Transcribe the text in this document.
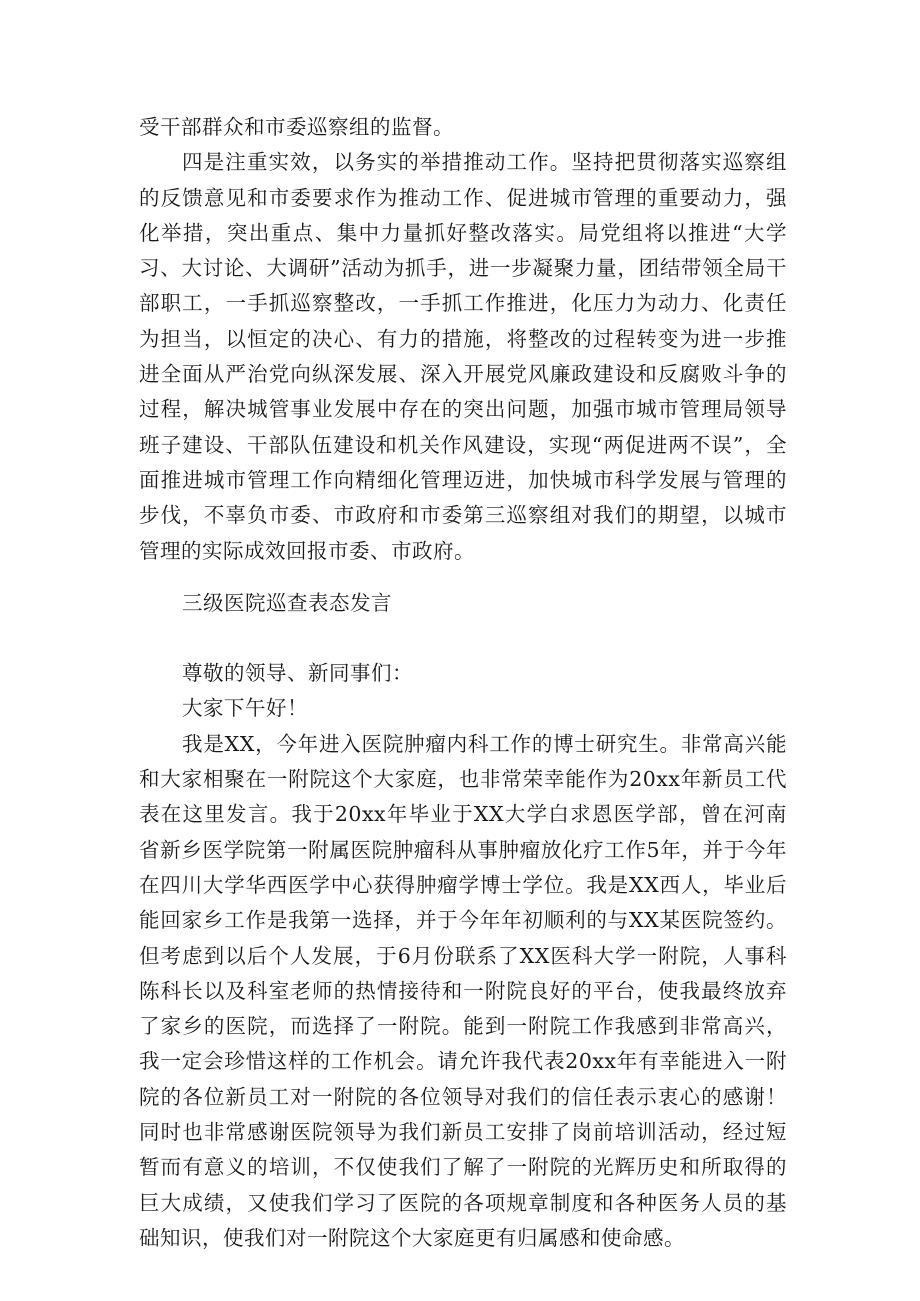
受干部群众和市委巡察组的监督。

四是注重实效，以务实的举措推动工作。坚持把贯彻落实巡察组的反馈意见和市委要求作为推动工作、促进城市管理的重要动力，强化举措，突出重点、集中力量抓好整改落实。局党组将以推进“大学习、大讨论、大调研”活动为抓手，进一步凝聚力量，团结带领全局干部职工，一手抓巡察整改，一手抓工作推进，化压力为动力、化责任为担当，以恒定的决心、有力的措施，将整改的过程转变为进一步推进全面从严治党向纵深发展、深入开展党风廉政建设和反腐败斗争的过程，解决城管事业发展中存在的突出问题，加强市城市管理局领导班子建设、干部队伍建设和机关作风建设，实现“两促进两不误”，全面推进城市管理工作向精细化管理迈进，加快城市科学发展与管理的步伐，不辜负市委、市政府和市委第三巡察组对我们的期望，以城市管理的实际成效回报市委、市政府。

三级医院巡查表态发言

尊敬的领导、新同事们：

大家下午好！

我是XX，今年进入医院肿瘤内科工作的博士研究生。非常高兴能和大家相聚在一附院这个大家庭，也非常荣幸能作为20xx年新员工代表在这里发言。我于20xx年毕业于XX大学白求恩医学部，曾在河南省新乡医学院第一附属医院肿瘤科从事肿瘤放化疗工作5年，并于今年在四川大学华西医学中心获得肿瘤学博士学位。我是XX西人，毕业后能回家乡工作是我第一选择，并于今年年初顺利的与XX某医院签约。但考虑到以后个人发展，于6月份联系了XX医科大学一附院，人事科陈科长以及科室老师的热情接待和一附院良好的平台，使我最终放弃了家乡的医院，而选择了一附院。能到一附院工作我感到非常高兴，我一定会珍惜这样的工作机会。请允许我代表20xx年有幸能进入一附院的各位新员工对一附院的各位领导对我们的信任表示衷心的感谢！同时也非常感谢医院领导为我们新员工安排了岗前培训活动，经过短暂而有意义的培训，不仅使我们了解了一附院的光辉历史和所取得的巨大成绩，又使我们学习了医院的各项规章制度和各种医务人员的基础知识，使我们对一附院这个大家庭更有归属感和使命感。
